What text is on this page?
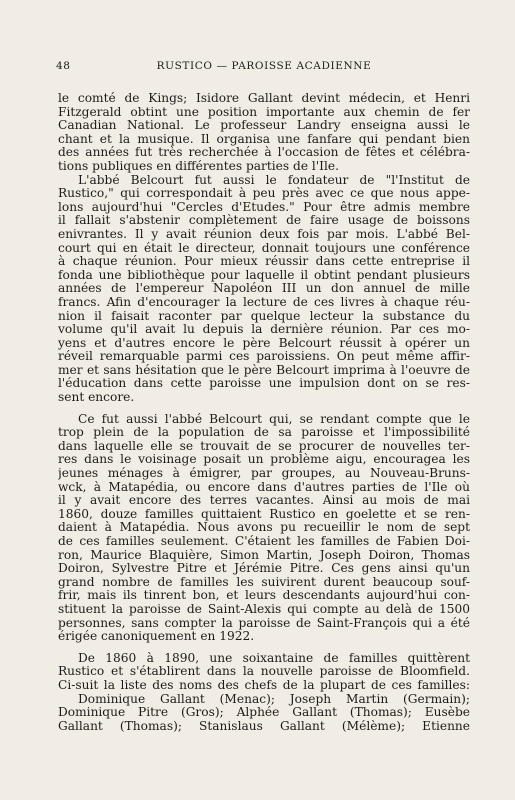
48	RUSTICO — PAROISSE ACADIENNE
le comté de Kings; Isidore Gallant devint médecin, et Henri
Fitzgerald obtint une position importante aux chemin de fer
Canadian National. Le professeur Landry enseigna aussi le
chant et la musique. Il organisa une fanfare qui pendant bien
des années fut très recherchée à l'occasion de fêtes et célébra-
tions publiques en différentes parties de l'Ile.
L'abbé Belcourt fut aussi le fondateur de "l'Institut de
Rustico," qui correspondait à peu près avec ce que nous appe-
lons aujourd'hui "Cercles d'Etudes." Pour être admis membre
il fallait s'abstenir complètement de faire usage de boissons
enivrantes. Il y avait réunion deux fois par mois. L'abbé Bel-
court qui en était le directeur, donnait toujours une conférence
à chaque réunion. Pour mieux réussir dans cette entreprise il
fonda une bibliothèque pour laquelle il obtint pendant plusieurs
années de l'empereur Napoléon III un don annuel de mille
francs. Afin d'encourager la lecture de ces livres à chaque réu-
nion il faisait raconter par quelque lecteur la substance du
volume qu'il avait lu depuis la dernière réunion. Par ces mo-
yens et d'autres encore le père Belcourt réussit à opérer un
réveil remarquable parmi ces paroissiens. On peut même affir-
mer et sans hésitation que le père Belcourt imprima à l'oeuvre de
l'éducation dans cette paroisse une impulsion dont on se res-
sent encore.
Ce fut aussi l'abbé Belcourt qui, se rendant compte que le
trop plein de la population de sa paroisse et l'impossibilité
dans laquelle elle se trouvait de se procurer de nouvelles ter-
res dans le voisinage posait un problème aigu, encouragea les
jeunes ménages à émigrer, par groupes, au Nouveau-Bruns-
wck, à Matapédia, ou encore dans d'autres parties de l'Ile où
il y avait encore des terres vacantes. Ainsi au mois de mai
1860, douze familles quittaient Rustico en goelette et se ren-
daient à Matapédia. Nous avons pu recueillir le nom de sept
de ces familles seulement. C'étaient les familles de Fabien Doi-
ron, Maurice Blaquière, Simon Martin, Joseph Doiron, Thomas
Doiron, Sylvestre Pitre et Jérémie Pitre. Ces gens ainsi qu'un
grand nombre de familles les suivirent durent beaucoup souf-
frir, mais ils tinrent bon, et leurs descendants aujourd'hui con-
stituent la paroisse de Saint-Alexis qui compte au delà de 1500
personnes, sans compter la paroisse de Saint-François qui a été
érigée canoniquement en 1922.
De 1860 à 1890, une soixantaine de familles quittèrent
Rustico et s'établirent dans la nouvelle paroisse de Bloomfield.
Ci-suit la liste des noms des chefs de la plupart de ces familles:
Dominique Gallant (Menac); Joseph Martin (Germain);
Dominique Pitre (Gros); Alphée Gallant (Thomas); Eusèbe
Gallant (Thomas); Stanislaus Gallant (Mélème); Etienne
